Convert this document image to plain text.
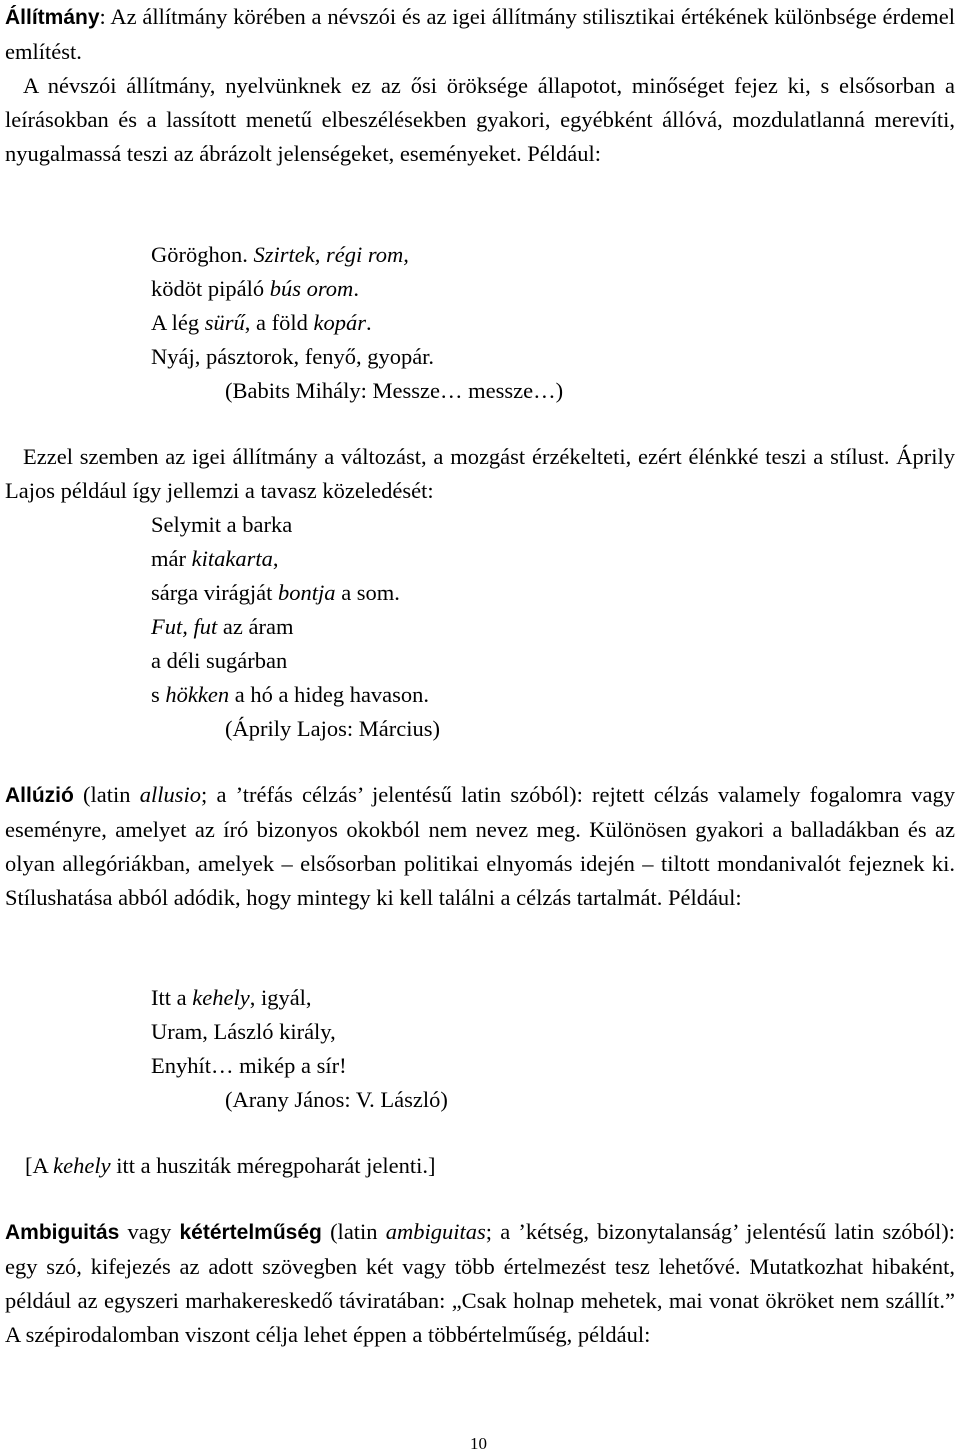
Állítmány: Az állítmány körében a névszói és az igei állítmány stilisztikai értékének különbsége érdemel említést.

A névszói állítmány, nyelvünknek ez az ősi öröksége állapotot, minőséget fejez ki, s elsősorban a leírásokban és a lassított menetű elbeszélésekben gyakori, egyébként állóvá, mozdulatlanná merevíti, nyugalmassá teszi az ábrázolt jelenségeket, eseményeket. Például:

Göröghon. Szirtek, régi rom,
ködöt pipáló bús orom.
A lég sürű, a föld kopár.
Nyáj, pásztorok, fenyő, gyopár.
(Babits Mihály: Messze… messze…)

Ezzel szemben az igei állítmány a változást, a mozgást érzékelteti, ezért élénkké teszi a stílust. Áprily Lajos például így jellemzi a tavasz közeledését:

Selymit a barka
már kitakarta,
sárga virágját bontja a som.
Fut, fut az áram
a déli sugárban
s hökken a hó a hideg havason.
(Áprily Lajos: Március)

Allúzió (latin allusio; a ’tréfás célzás’ jelentésű latin szóból): rejtett célzás valamely fogalomra vagy eseményre, amelyet az író bizonyos okokból nem nevez meg. Különösen gyakori a balladákban és az olyan allegóriákban, amelyek – elsősorban politikai elnyomás idején – tiltott mondanivalót fejeznek ki. Stílushatása abból adódik, hogy mintegy ki kell találni a célzás tartalmát. Például:

Itt a kehely, igyál,
Uram, László király,
Enyhít… mikép a sír!
(Arany János: V. László)

[A kehely itt a husziták méregpoharát jelenti.]

Ambiguitás vagy kétértelműség (latin ambiguitas; a ’kétség, bizonytalanság’ jelentésű latin szóból): egy szó, kifejezés az adott szövegben két vagy több értelmezést tesz lehetővé. Mutatkozhat hibaként, például az egyszeri marhakereskedő táviratában: „Csak holnap mehetek, mai vonat ökröket nem szállít.” A szépirodalomban viszont célja lehet éppen a többértelműség, például:

10
